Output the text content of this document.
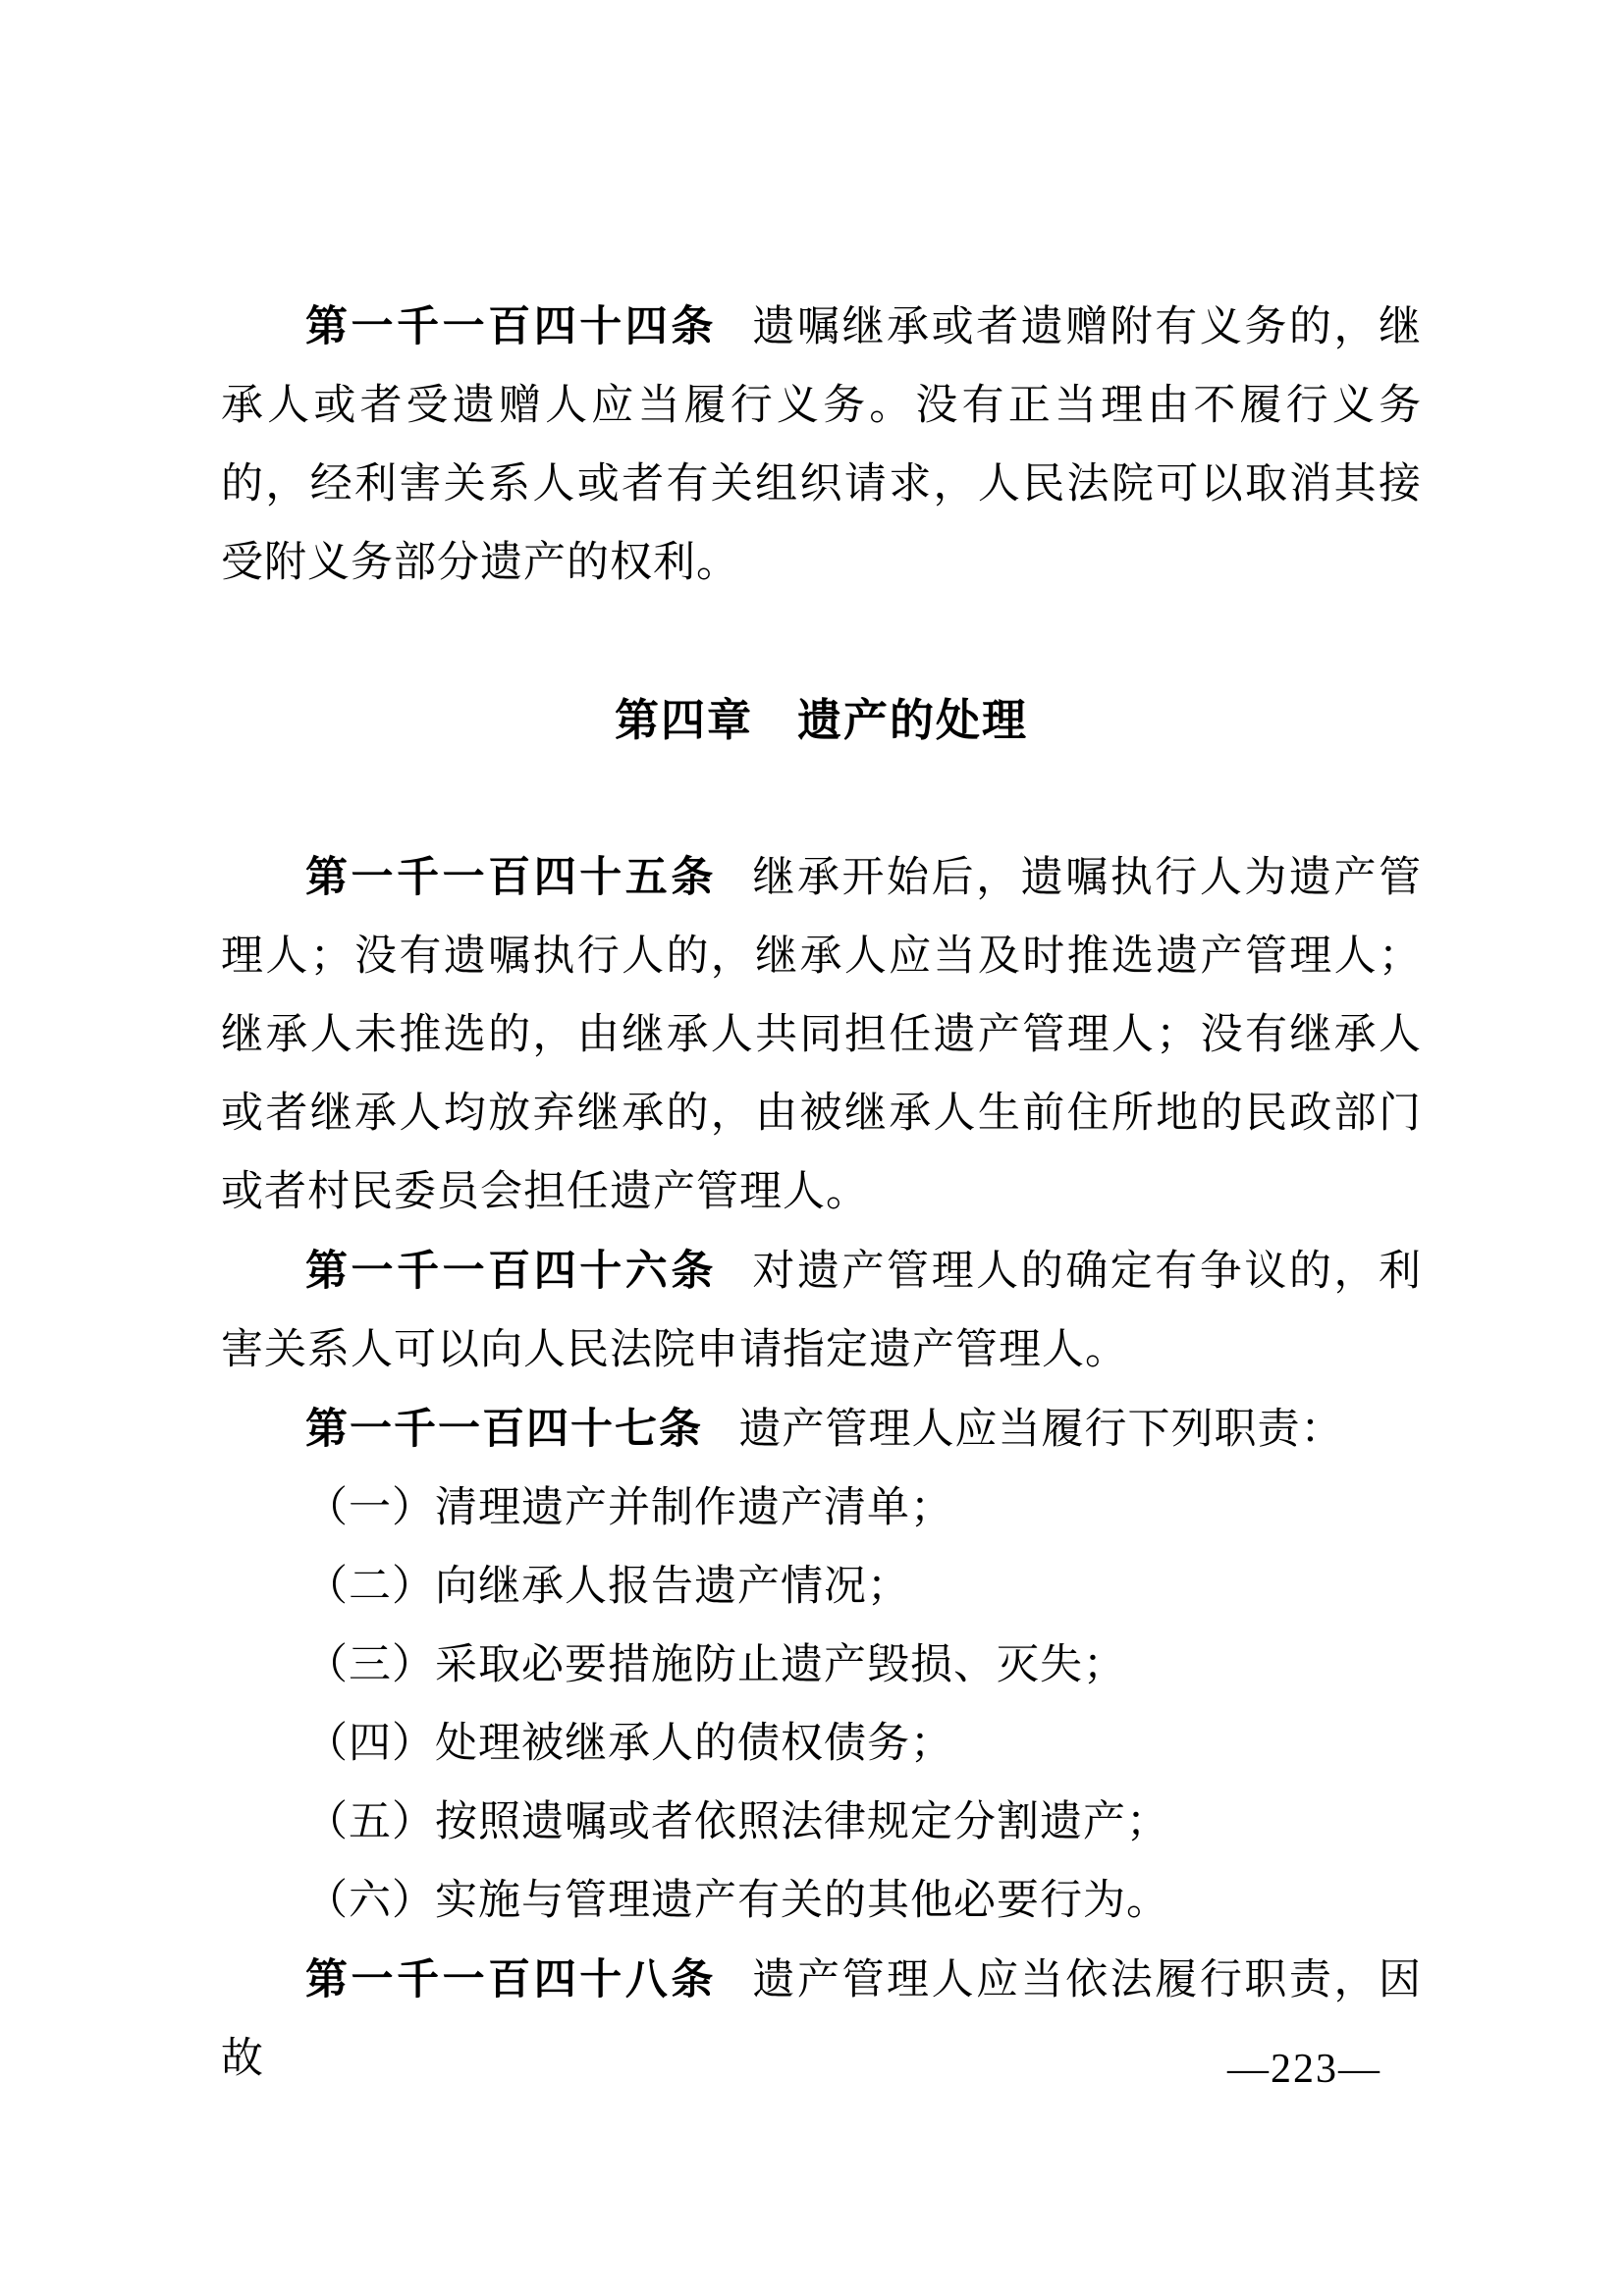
第一千一百四十四条 遗嘱继承或者遗赠附有义务的，继承人或者受遗赠人应当履行义务。没有正当理由不履行义务的，经利害关系人或者有关组织请求，人民法院可以取消其接受附义务部分遗产的权利。

第四章 遗产的处理

第一千一百四十五条 继承开始后，遗嘱执行人为遗产管理人；没有遗嘱执行人的，继承人应当及时推选遗产管理人；继承人未推选的，由继承人共同担任遗产管理人；没有继承人或者继承人均放弃继承的，由被继承人生前住所地的民政部门或者村民委员会担任遗产管理人。

第一千一百四十六条 对遗产管理人的确定有争议的，利害关系人可以向人民法院申请指定遗产管理人。

第一千一百四十七条 遗产管理人应当履行下列职责：

（一）清理遗产并制作遗产清单；

（二）向继承人报告遗产情况；

（三）采取必要措施防止遗产毁损、灭失；

（四）处理被继承人的债权债务；

（五）按照遗嘱或者依照法律规定分割遗产；

（六）实施与管理遗产有关的其他必要行为。

第一千一百四十八条 遗产管理人应当依法履行职责，因故	—223—
